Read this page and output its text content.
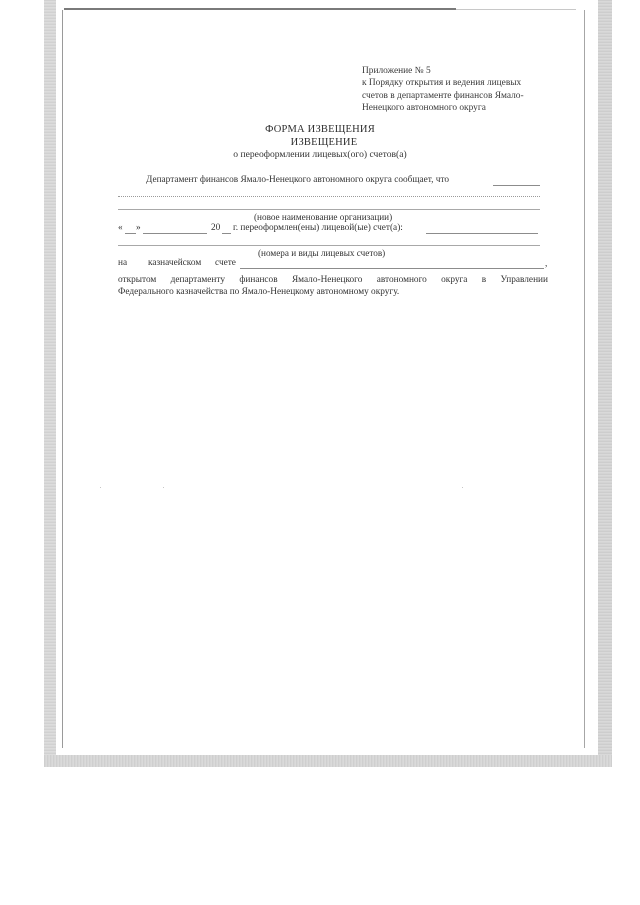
Приложение № 5
к Порядку открытия и ведения лицевых
счетов в департаменте финансов Ямало-
Ненецкого автономного округа
ФОРМА ИЗВЕЩЕНИЯ
ИЗВЕЩЕНИЕ
о переоформлении лицевых(ого) счетов(а)
Департамент финансов Ямало-Ненецкого автономного округа сообщает, что
(новое наименование организации)
« »	20 г. переоформлен(ены) лицевой(ые) счет(а):
(номера и виды лицевых счетов)
на казначейском счете	,
открытом департаменту финансов Ямало-Ненецкого автономного округа в Управлении
Федерального казначейства по Ямало-Ненецкому автономному округу.
